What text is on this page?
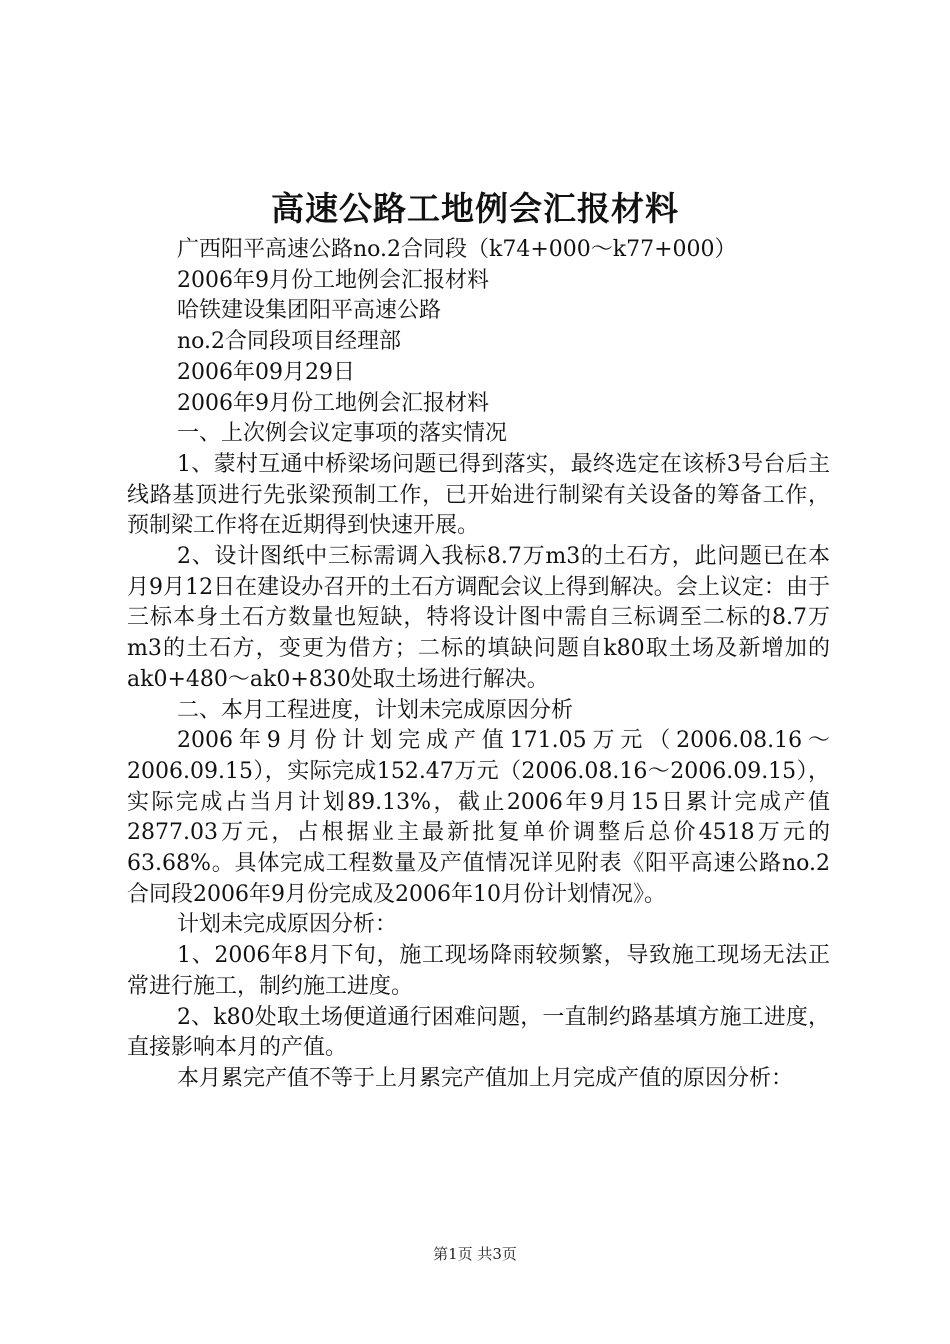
高速公路工地例会汇报材料

广西阳平高速公路no.2合同段（k74+000～k77+000）

2006年9月份工地例会汇报材料

哈铁建设集团阳平高速公路

no.2合同段项目经理部

2006年09月29日

2006年9月份工地例会汇报材料

一、上次例会议定事项的落实情况

1、蒙村互通中桥梁场问题已得到落实，最终选定在该桥3号台后主线路基顶进行先张梁预制工作，已开始进行制梁有关设备的筹备工作，预制梁工作将在近期得到快速开展。

2、设计图纸中三标需调入我标8.7万m3的土石方，此问题已在本月9月12日在建设办召开的土石方调配会议上得到解决。会上议定：由于三标本身土石方数量也短缺，特将设计图中需自三标调至二标的8.7万m3的土石方，变更为借方；二标的填缺问题自k80取土场及新增加的ak0+480～ak0+830处取土场进行解决。

二、本月工程进度，计划未完成原因分析

2006年9月份计划完成产值171.05万元（2006.08.16～2006.09.15），实际完成152.47万元（2006.08.16～2006.09.15），实际完成占当月计划89.13%，截止2006年9月15日累计完成产值2877.03万元，占根据业主最新批复单价调整后总价4518万元的63.68%。具体完成工程数量及产值情况详见附表《阳平高速公路no.2合同段2006年9月份完成及2006年10月份计划情况》。

计划未完成原因分析：

1、2006年8月下旬，施工现场降雨较频繁，导致施工现场无法正常进行施工，制约施工进度。

2、k80处取土场便道通行困难问题，一直制约路基填方施工进度，直接影响本月的产值。

本月累完产值不等于上月累完产值加上月完成产值的原因分析：

第1页 共3页
